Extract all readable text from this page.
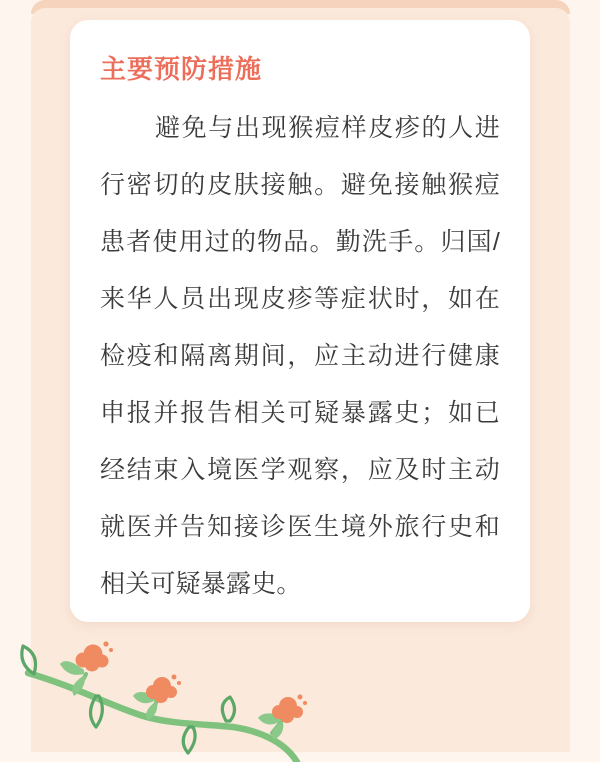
主要预防措施
避免与出现猴痘样皮疹的人进行密切的皮肤接触。避免接触猴痘患者使用过的物品。勤洗手。归国/来华人员出现皮疹等症状时，如在检疫和隔离期间，应主动进行健康申报并报告相关可疑暴露史；如已经结束入境医学观察，应及时主动就医并告知接诊医生境外旅行史和相关可疑暴露史。
